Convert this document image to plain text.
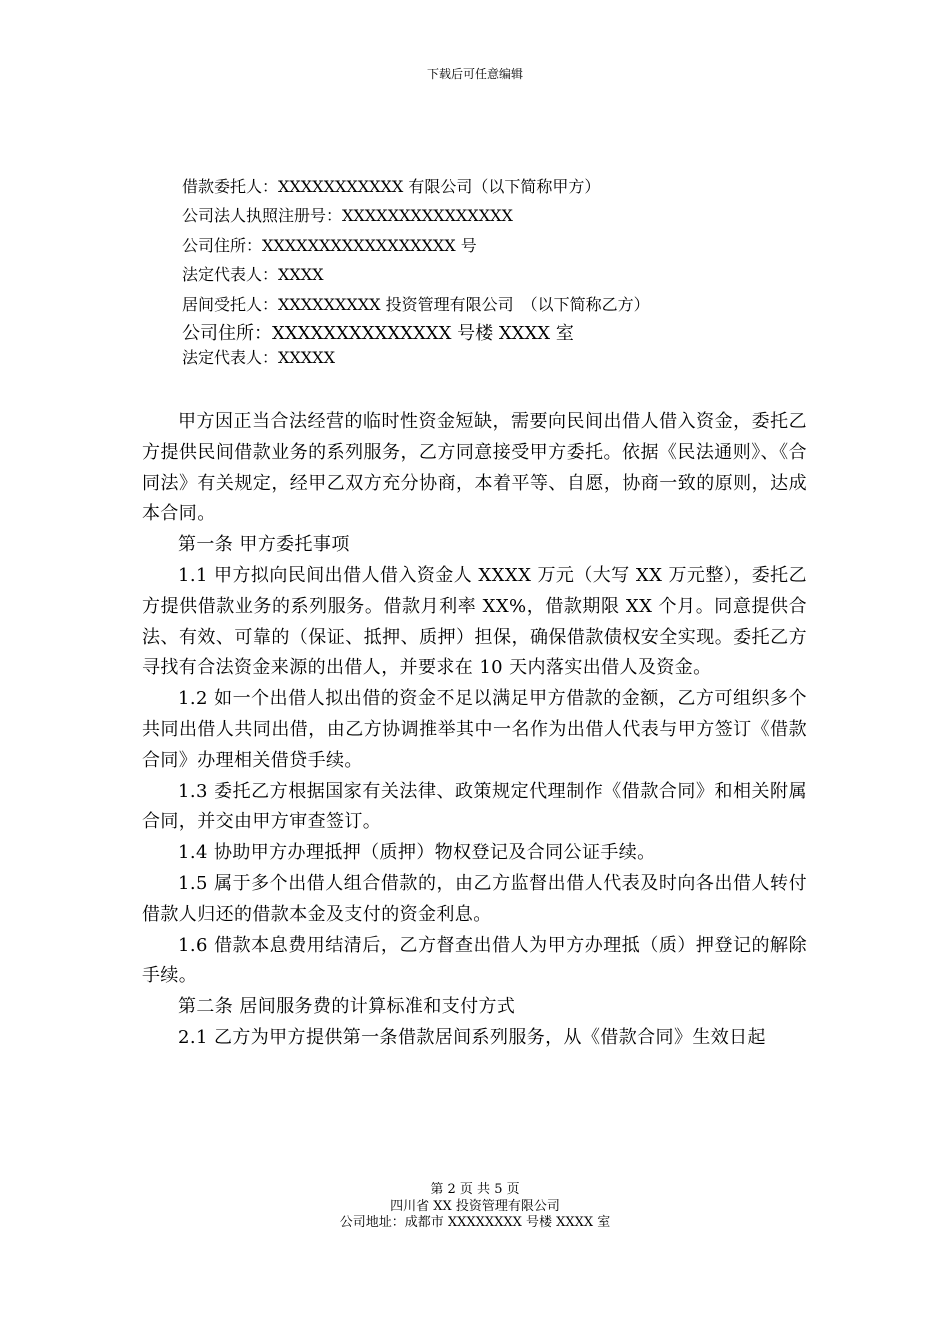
下载后可任意编辑
借款委托人：XXXXXXXXXXX 有限公司（以下简称甲方）
公司法人执照注册号：XXXXXXXXXXXXXXX
公司住所：XXXXXXXXXXXXXXXXX 号
法定代表人：XXXX
居间受托人：XXXXXXXXX 投资管理有限公司　（以下简称乙方）
公司住所：XXXXXXXXXXXXXX 号楼 XXXX 室
法定代表人：XXXXX

甲方因正当合法经营的临时性资金短缺，需要向民间出借人借入资金，委托乙方提供民间借款业务的系列服务，乙方同意接受甲方委托。依据《民法通则》、《合同法》有关规定，经甲乙双方充分协商，本着平等、自愿，协商一致的原则，达成本合同。

第一条 甲方委托事项

1.1 甲方拟向民间出借人借入资金人 XXXX 万元（大写 XX 万元整），委托乙方提供借款业务的系列服务。借款月利率 XX%，借款期限 XX 个月。同意提供合法、有效、可靠的（保证、抵押、质押）担保，确保借款债权安全实现。委托乙方寻找有合法资金来源的出借人，并要求在 10 天内落实出借人及资金。

1.2 如一个出借人拟出借的资金不足以满足甲方借款的金额，乙方可组织多个共同出借人共同出借，由乙方协调推举其中一名作为出借人代表与甲方签订《借款合同》办理相关借贷手续。

1.3 委托乙方根据国家有关法律、政策规定代理制作《借款合同》和相关附属合同，并交由甲方审查签订。

1.4 协助甲方办理抵押（质押）物权登记及合同公证手续。

1.5 属于多个出借人组合借款的，由乙方监督出借人代表及时向各出借人转付借款人归还的借款本金及支付的资金利息。

1.6 借款本息费用结清后，乙方督查出借人为甲方办理抵（质）押登记的解除手续。

第二条 居间服务费的计算标准和支付方式

2.1 乙方为甲方提供第一条借款居间系列服务，从《借款合同》生效日起

第 2 页 共 5 页
四川省 XX 投资管理有限公司
公司地址：成都市 XXXXXXXX 号楼 XXXX 室
